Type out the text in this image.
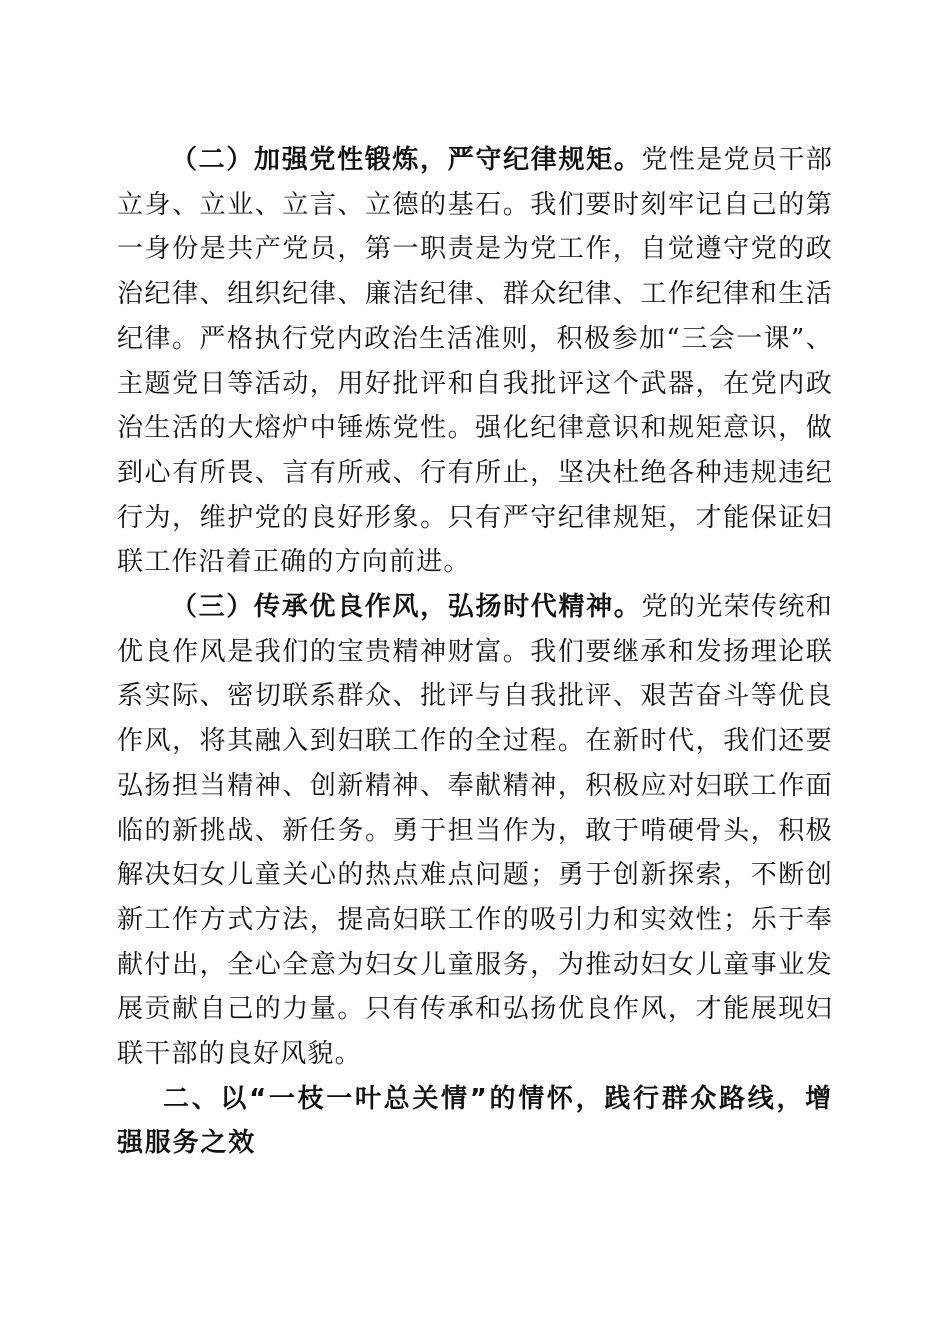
（二）加强党性锻炼，严守纪律规矩。党性是党员干部立身、立业、立言、立德的基石。我们要时刻牢记自己的第一身份是共产党员，第一职责是为党工作，自觉遵守党的政治纪律、组织纪律、廉洁纪律、群众纪律、工作纪律和生活纪律。严格执行党内政治生活准则，积极参加“三会一课”、主题党日等活动，用好批评和自我批评这个武器，在党内政治生活的大熔炉中锤炼党性。强化纪律意识和规矩意识，做到心有所畏、言有所戒、行有所止，坚决杜绝各种违规违纪行为，维护党的良好形象。只有严守纪律规矩，才能保证妇联工作沿着正确的方向前进。

（三）传承优良作风，弘扬时代精神。党的光荣传统和优良作风是我们的宝贵精神财富。我们要继承和发扬理论联系实际、密切联系群众、批评与自我批评、艰苦奋斗等优良作风，将其融入到妇联工作的全过程。在新时代，我们还要弘扬担当精神、创新精神、奉献精神，积极应对妇联工作面临的新挑战、新任务。勇于担当作为，敢于啃硬骨头，积极解决妇女儿童关心的热点难点问题；勇于创新探索，不断创新工作方式方法，提高妇联工作的吸引力和实效性；乐于奉献付出，全心全意为妇女儿童服务，为推动妇女儿童事业发展贡献自己的力量。只有传承和弘扬优良作风，才能展现妇联干部的良好风貌。

二、以“一枝一叶总关情”的情怀，践行群众路线，增强服务之效
